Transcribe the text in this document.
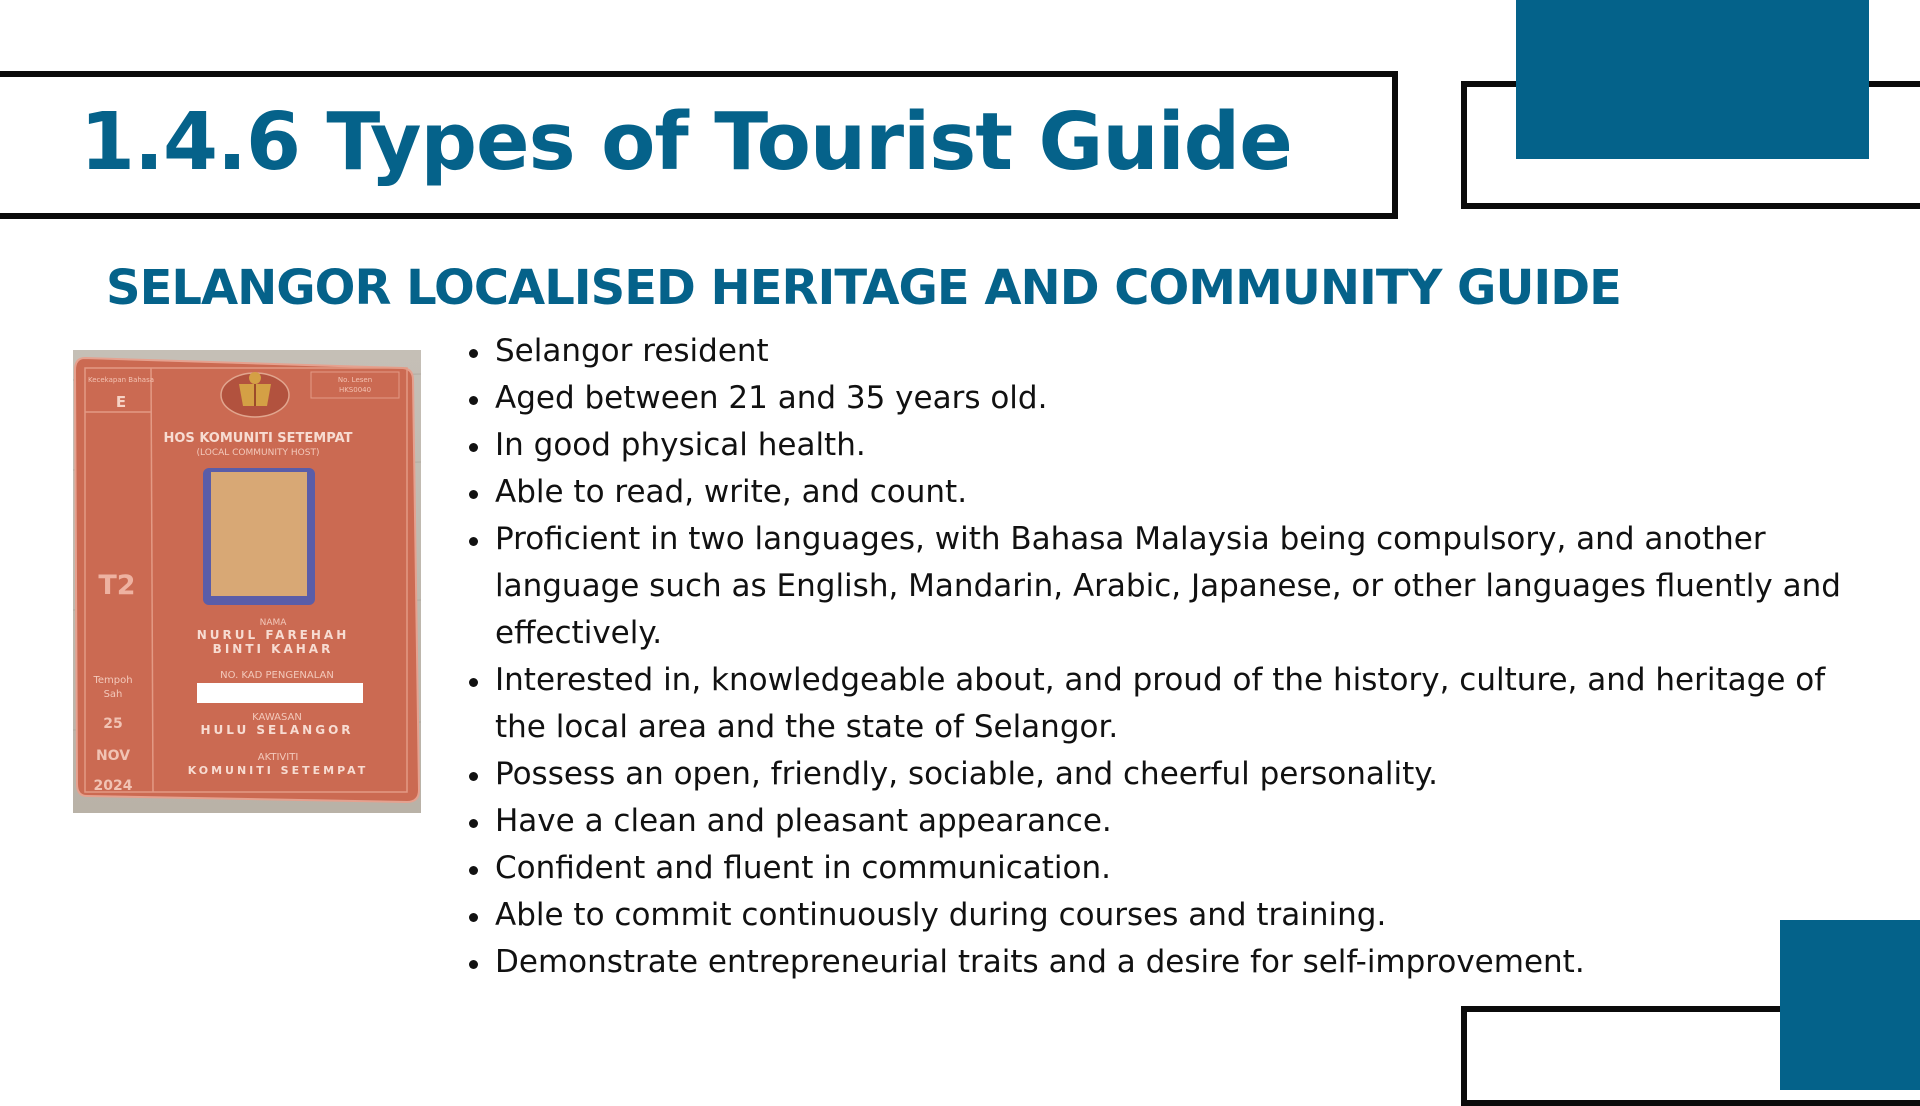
1.4.6 Types of Tourist Guide
SELANGOR LOCALISED HERITAGE AND COMMUNITY GUIDE
Kecekapan Bahasa
E
No. Lesen
HKS0040
HOS KOMUNITI SETEMPAT
(LOCAL COMMUNITY HOST)
T2
NAMA
NURUL FAREHAH
BINTI KAHAR
Tempoh
Sah
25
NOV
2024
NO. KAD PENGENALAN
KAWASAN
HULU SELANGOR
AKTIVITI
KOMUNITI SETEMPAT
Selangor resident
Aged between 21 and 35 years old.
In good physical health.
Able to read, write, and count.
Proficient in two languages, with Bahasa Malaysia being compulsory, and another language such as English, Mandarin, Arabic, Japanese, or other languages fluently and effectively.
Interested in, knowledgeable about, and proud of the history, culture, and heritage of the local area and the state of Selangor.
Possess an open, friendly, sociable, and cheerful personality.
Have a clean and pleasant appearance.
Confident and fluent in communication.
Able to commit continuously during courses and training.
Demonstrate entrepreneurial traits and a desire for self-improvement.
